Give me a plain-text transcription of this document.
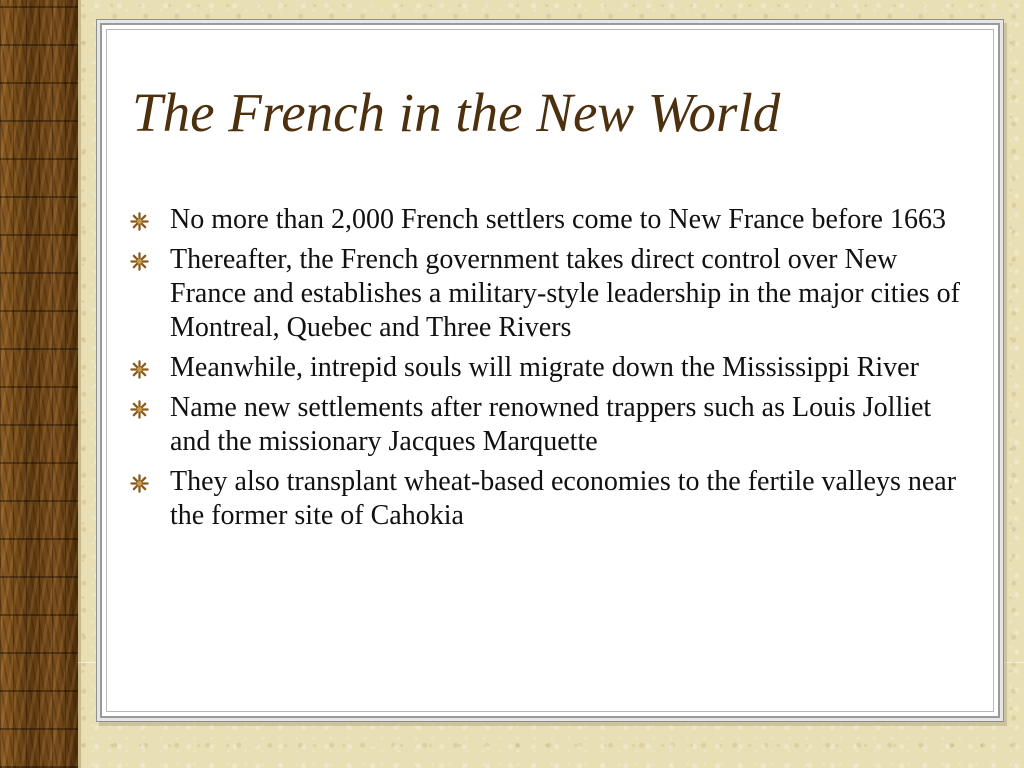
The French in the New World
No more than 2,000 French settlers come to New France before 1663
Thereafter, the French government takes direct control over New France and establishes a military-style leadership in the major cities of Montreal, Quebec and Three Rivers
Meanwhile, intrepid souls will migrate down the Mississippi River
Name new settlements after renowned trappers such as Louis Jolliet and the missionary Jacques Marquette
They also transplant wheat-based economies to the fertile valleys near the former site of Cahokia
